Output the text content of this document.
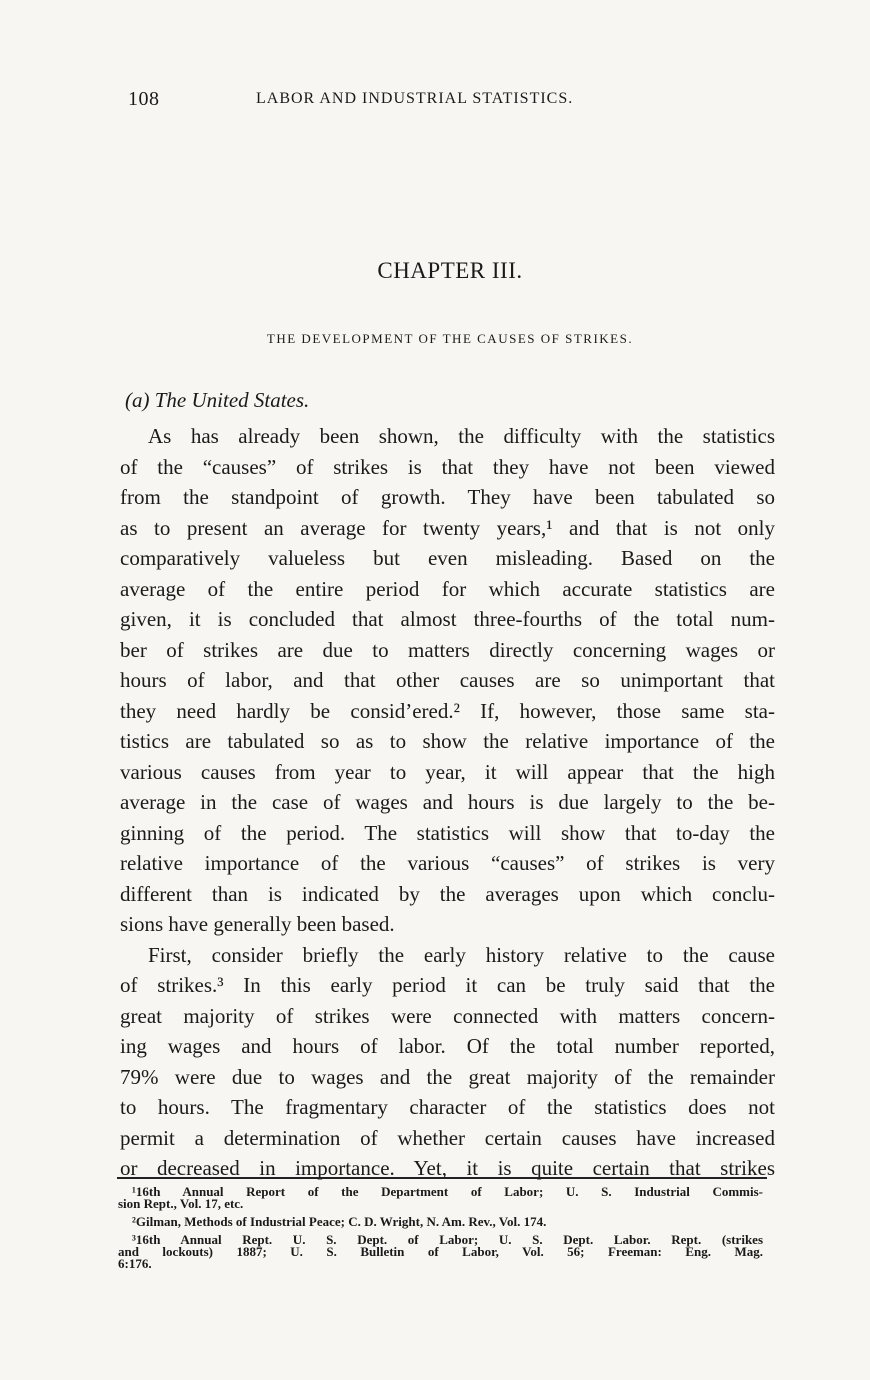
108	LABOR AND INDUSTRIAL STATISTICS.
CHAPTER III.
THE DEVELOPMENT OF THE CAUSES OF STRIKES.
(a) The United States.
As has already been shown, the difficulty with the statistics
of the “causes” of strikes is that they have not been viewed
from the standpoint of growth. They have been tabulated so
as to present an average for twenty years,¹ and that is not only
comparatively valueless but even misleading. Based on the
average of the entire period for which accurate statistics are
given, it is concluded that almost three-fourths of the total num-
ber of strikes are due to matters directly concerning wages or
hours of labor, and that other causes are so unimportant that
they need hardly be considʼered.² If, however, those same sta-
tistics are tabulated so as to show the relative importance of the
various causes from year to year, it will appear that the high
average in the case of wages and hours is due largely to the be-
ginning of the period. The statistics will show that to-day the
relative importance of the various “causes” of strikes is very
different than is indicated by the averages upon which conclu-
sions have generally been based.
First, consider briefly the early history relative to the cause
of strikes.³ In this early period it can be truly said that the
great majority of strikes were connected with matters concern-
ing wages and hours of labor. Of the total number reported,
79% were due to wages and the great majority of the remainder
to hours. The fragmentary character of the statistics does not
permit a determination of whether certain causes have increased
or decreased in importance. Yet, it is quite certain that strikes
¹16th Annual Report of the Department of Labor; U. S. Industrial Commis-
sion Rept., Vol. 17, etc.
²Gilman, Methods of Industrial Peace; C. D. Wright, N. Am. Rev., Vol. 174.
³16th Annual Rept. U. S. Dept. of Labor; U. S. Dept. Labor. Rept. (strikes
and lockouts) 1887; U. S. Bulletin of Labor, Vol. 56; Freeman: Eng. Mag.
6:176.
